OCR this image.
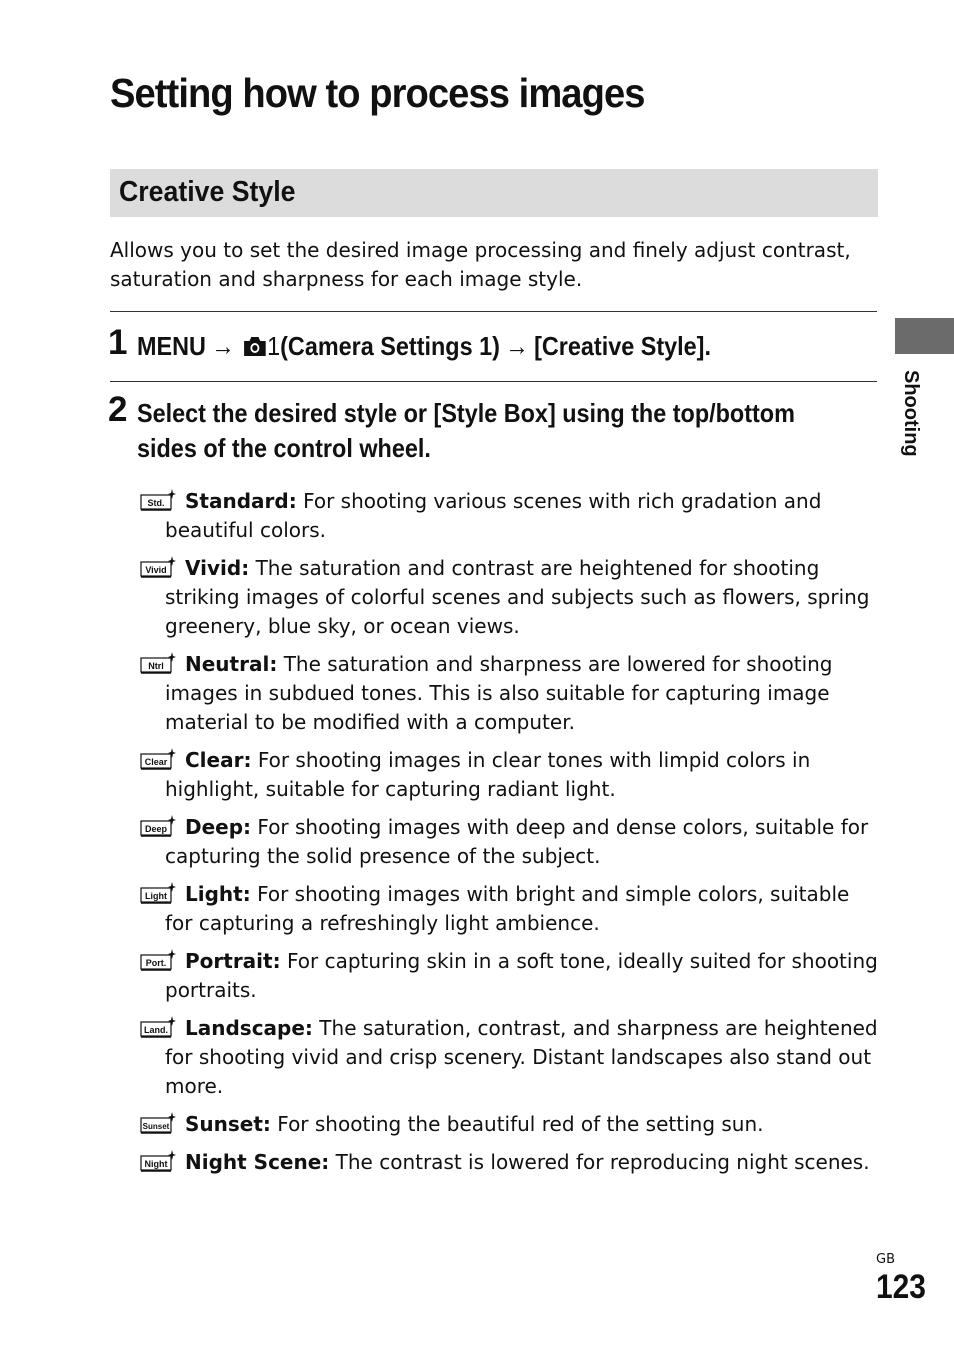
Setting how to process images
Creative Style

Allows you to set the desired image processing and finely adjust contrast, saturation and sharpness for each image style.

1 MENU → 1(Camera Settings 1) → [Creative Style].
2 Select the desired style or [Style Box] using the top/bottom
sides of the control wheel.
Std.	Standard: For shooting various scenes with rich gradation and beautiful colors.
Vivid Vivid: The saturation and contrast are heightened for shooting striking images of colorful scenes and subjects such as flowers, spring greenery, blue sky, or ocean views.
Ntrl	Neutral: The saturation and sharpness are lowered for shooting images in subdued tones. This is also suitable for capturing image material to be modified with a computer.
Clear Clear: For shooting images in clear tones with limpid colors in highlight, suitable for capturing radiant light.
Deep Deep: For shooting images with deep and dense colors, suitable for capturing the solid presence of the subject.
Light Light: For shooting images with bright and simple colors, suitable for capturing a refreshingly light ambience.
Port. Portrait: For capturing skin in a soft tone, ideally suited for shooting portraits.
Land. Landscape: The saturation, contrast, and sharpness are heightened for shooting vivid and crisp scenery. Distant landscapes also stand out more.
Sunset Sunset: For shooting the beautiful red of the setting sun.
Night Night Scene: The contrast is lowered for reproducing night scenes.
Shooting
GB
123
